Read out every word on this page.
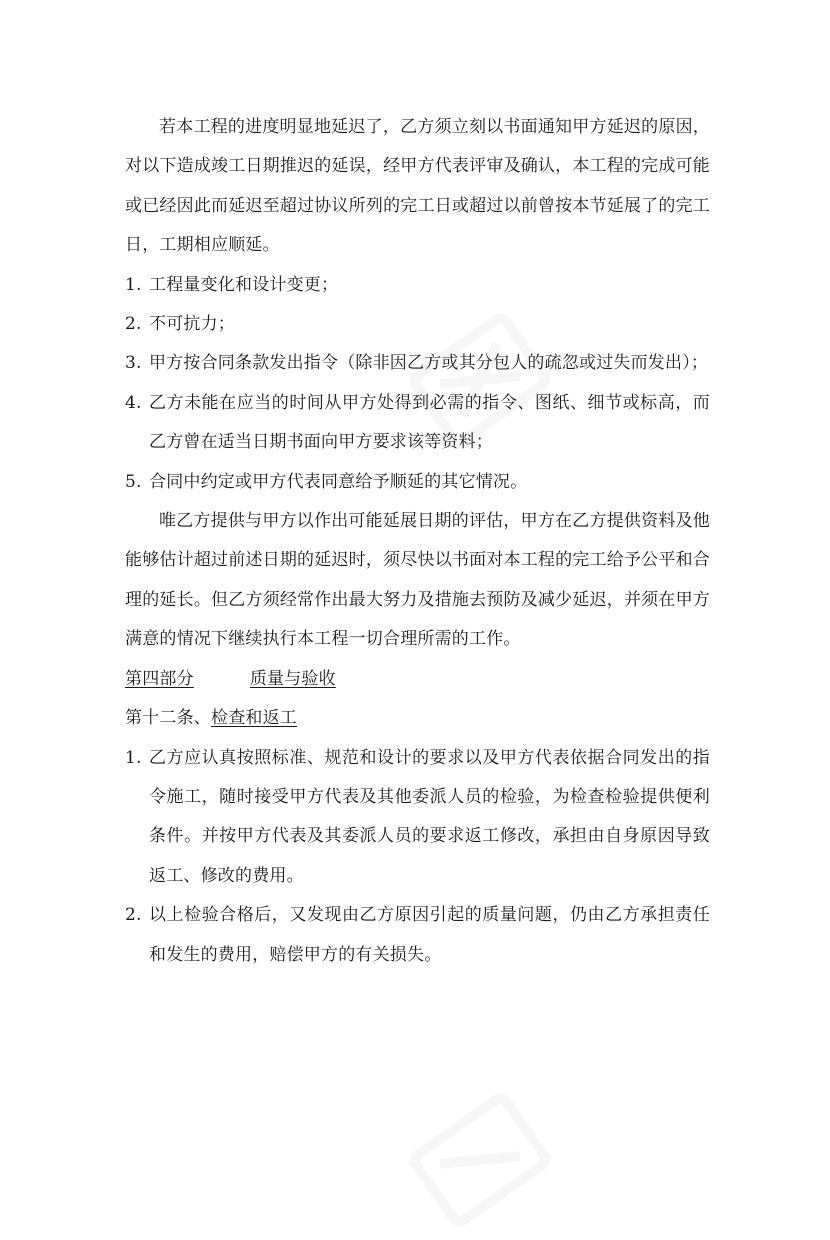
若本工程的进度明显地延迟了，乙方须立刻以书面通知甲方延迟的原因，对以下造成竣工日期推迟的延误，经甲方代表评审及确认，本工程的完成可能或已经因此而延迟至超过协议所列的完工日或超过以前曾按本节延展了的完工日，工期相应顺延。

1. 工程量变化和设计变更；
2. 不可抗力；
3. 甲方按合同条款发出指令（除非因乙方或其分包人的疏忽或过失而发出）；
4. 乙方未能在应当的时间从甲方处得到必需的指令、图纸、细节或标高，而乙方曾在适当日期书面向甲方要求该等资料；
5. 合同中约定或甲方代表同意给予顺延的其它情况。

唯乙方提供与甲方以作出可能延展日期的评估，甲方在乙方提供资料及他能够估计超过前述日期的延迟时，须尽快以书面对本工程的完工给予公平和合理的延长。但乙方须经常作出最大努力及措施去预防及减少延迟，并须在甲方满意的情况下继续执行本工程一切合理所需的工作。

第四部分	质量与验收

第十二条、检查和返工

1. 乙方应认真按照标准、规范和设计的要求以及甲方代表依据合同发出的指令施工，随时接受甲方代表及其他委派人员的检验，为检查检验提供便利条件。并按甲方代表及其委派人员的要求返工修改，承担由自身原因导致返工、修改的费用。
2. 以上检验合格后，又发现由乙方原因引起的质量问题，仍由乙方承担责任和发生的费用，赔偿甲方的有关损失。
